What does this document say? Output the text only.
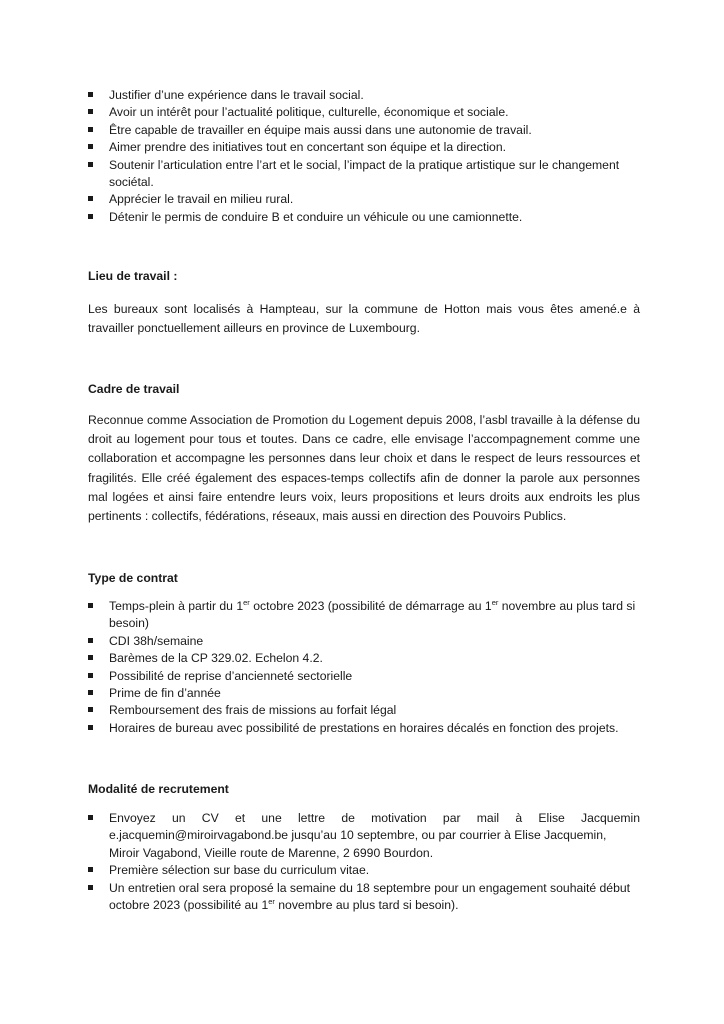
Justifier d’une expérience dans le travail social.
Avoir un intérêt pour l’actualité politique, culturelle, économique et sociale.
Être capable de travailler en équipe mais aussi dans une autonomie de travail.
Aimer prendre des initiatives tout en concertant son équipe et la direction.
Soutenir l’articulation entre l’art et le social, l’impact de la pratique artistique sur le changement sociétal.
Apprécier le travail en milieu rural.
Détenir le permis de conduire B et conduire un véhicule ou une camionnette.
Lieu de travail :
Les bureaux sont localisés à Hampteau, sur la commune de Hotton mais vous êtes amené.e à travailler ponctuellement ailleurs en province de Luxembourg.
Cadre de travail
Reconnue comme Association de Promotion du Logement depuis 2008, l’asbl travaille à la défense du droit au logement pour tous et toutes. Dans ce cadre, elle envisage l’accompagnement comme une collaboration et accompagne les personnes dans leur choix et dans le respect de leurs ressources et fragilités. Elle créé également des espaces-temps collectifs afin de donner la parole aux personnes mal logées et ainsi faire entendre leurs voix, leurs propositions et leurs droits aux endroits les plus pertinents : collectifs, fédérations, réseaux, mais aussi en direction des Pouvoirs Publics.
Type de contrat
Temps-plein à partir du 1er octobre 2023 (possibilité de démarrage au 1er novembre au plus tard si besoin)
CDI 38h/semaine
Barèmes de la CP 329.02. Echelon 4.2.
Possibilité de reprise d’ancienneté sectorielle
Prime de fin d’année
Remboursement des frais de missions au forfait légal
Horaires de bureau avec possibilité de prestations en horaires décalés en fonction des projets.
Modalité de recrutement
Envoyez un CV et une lettre de motivation par mail à Elise Jacquemin
e.jacquemin@miroirvagabond.be jusqu’au 10 septembre, ou par courrier à Elise Jacquemin, Miroir Vagabond, Vieille route de Marenne, 2 6990 Bourdon.
Première sélection sur base du curriculum vitae.
Un entretien oral sera proposé la semaine du 18 septembre pour un engagement souhaité début octobre 2023 (possibilité au 1er novembre au plus tard si besoin).
